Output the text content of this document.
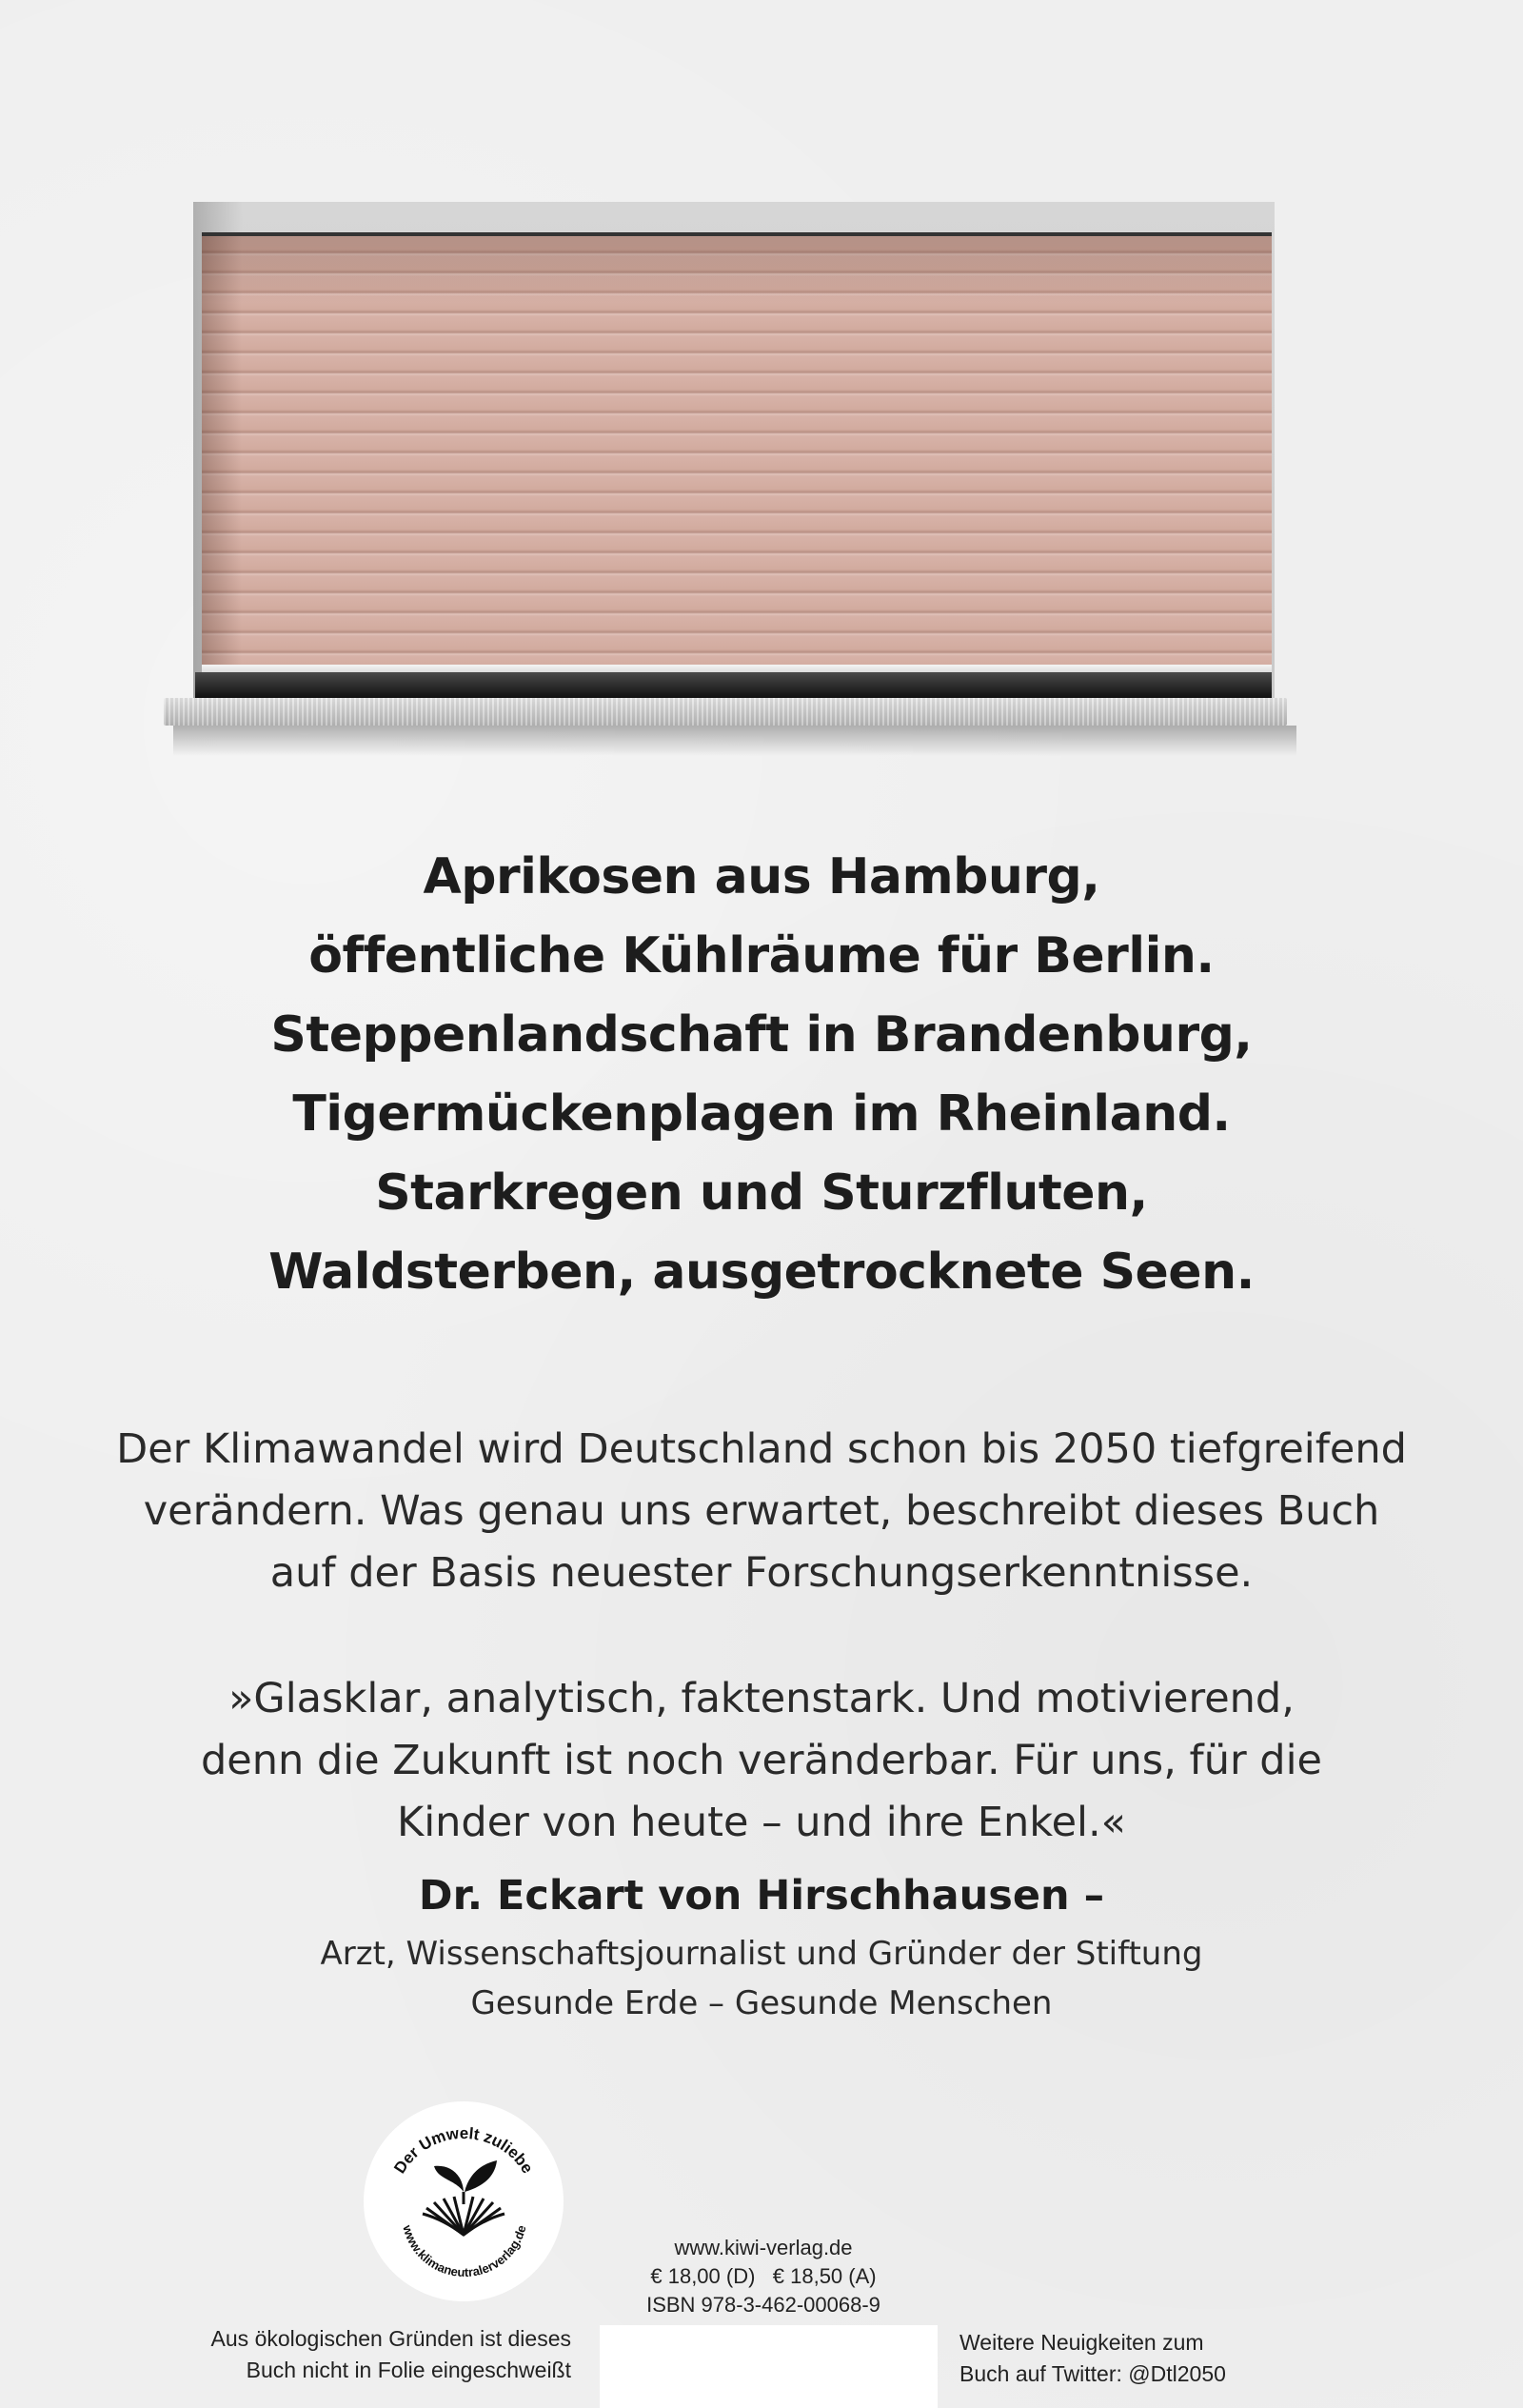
Aprikosen aus Hamburg,
öffentliche Kühlräume für Berlin.
Steppenlandschaft in Brandenburg,
Tigermückenplagen im Rheinland.
Starkregen und Sturzfluten,
Waldsterben, ausgetrocknete Seen.

Der Klimawandel wird Deutschland schon bis 2050 tiefgreifend
verändern. Was genau uns erwartet, beschreibt dieses Buch
auf der Basis neuester Forschungserkenntnisse.

»Glasklar, analytisch, faktenstark. Und motivierend,
denn die Zukunft ist noch veränderbar. Für uns, für die
Kinder von heute – und ihre Enkel.«

Dr. Eckart von Hirschhausen –

Arzt, Wissenschaftsjournalist und Gründer der Stiftung
Gesunde Erde – Gesunde Menschen

Der Umwelt zuliebe
www.klimaneutralerverlag.de

Aus ökologischen Gründen ist dieses
Buch nicht in Folie eingeschweißt

www.kiwi-verlag.de
€ 18,00 (D)   € 18,50 (A)
ISBN 978-3-462-00068-9

Weitere Neuigkeiten zum
Buch auf Twitter: @Dtl2050
